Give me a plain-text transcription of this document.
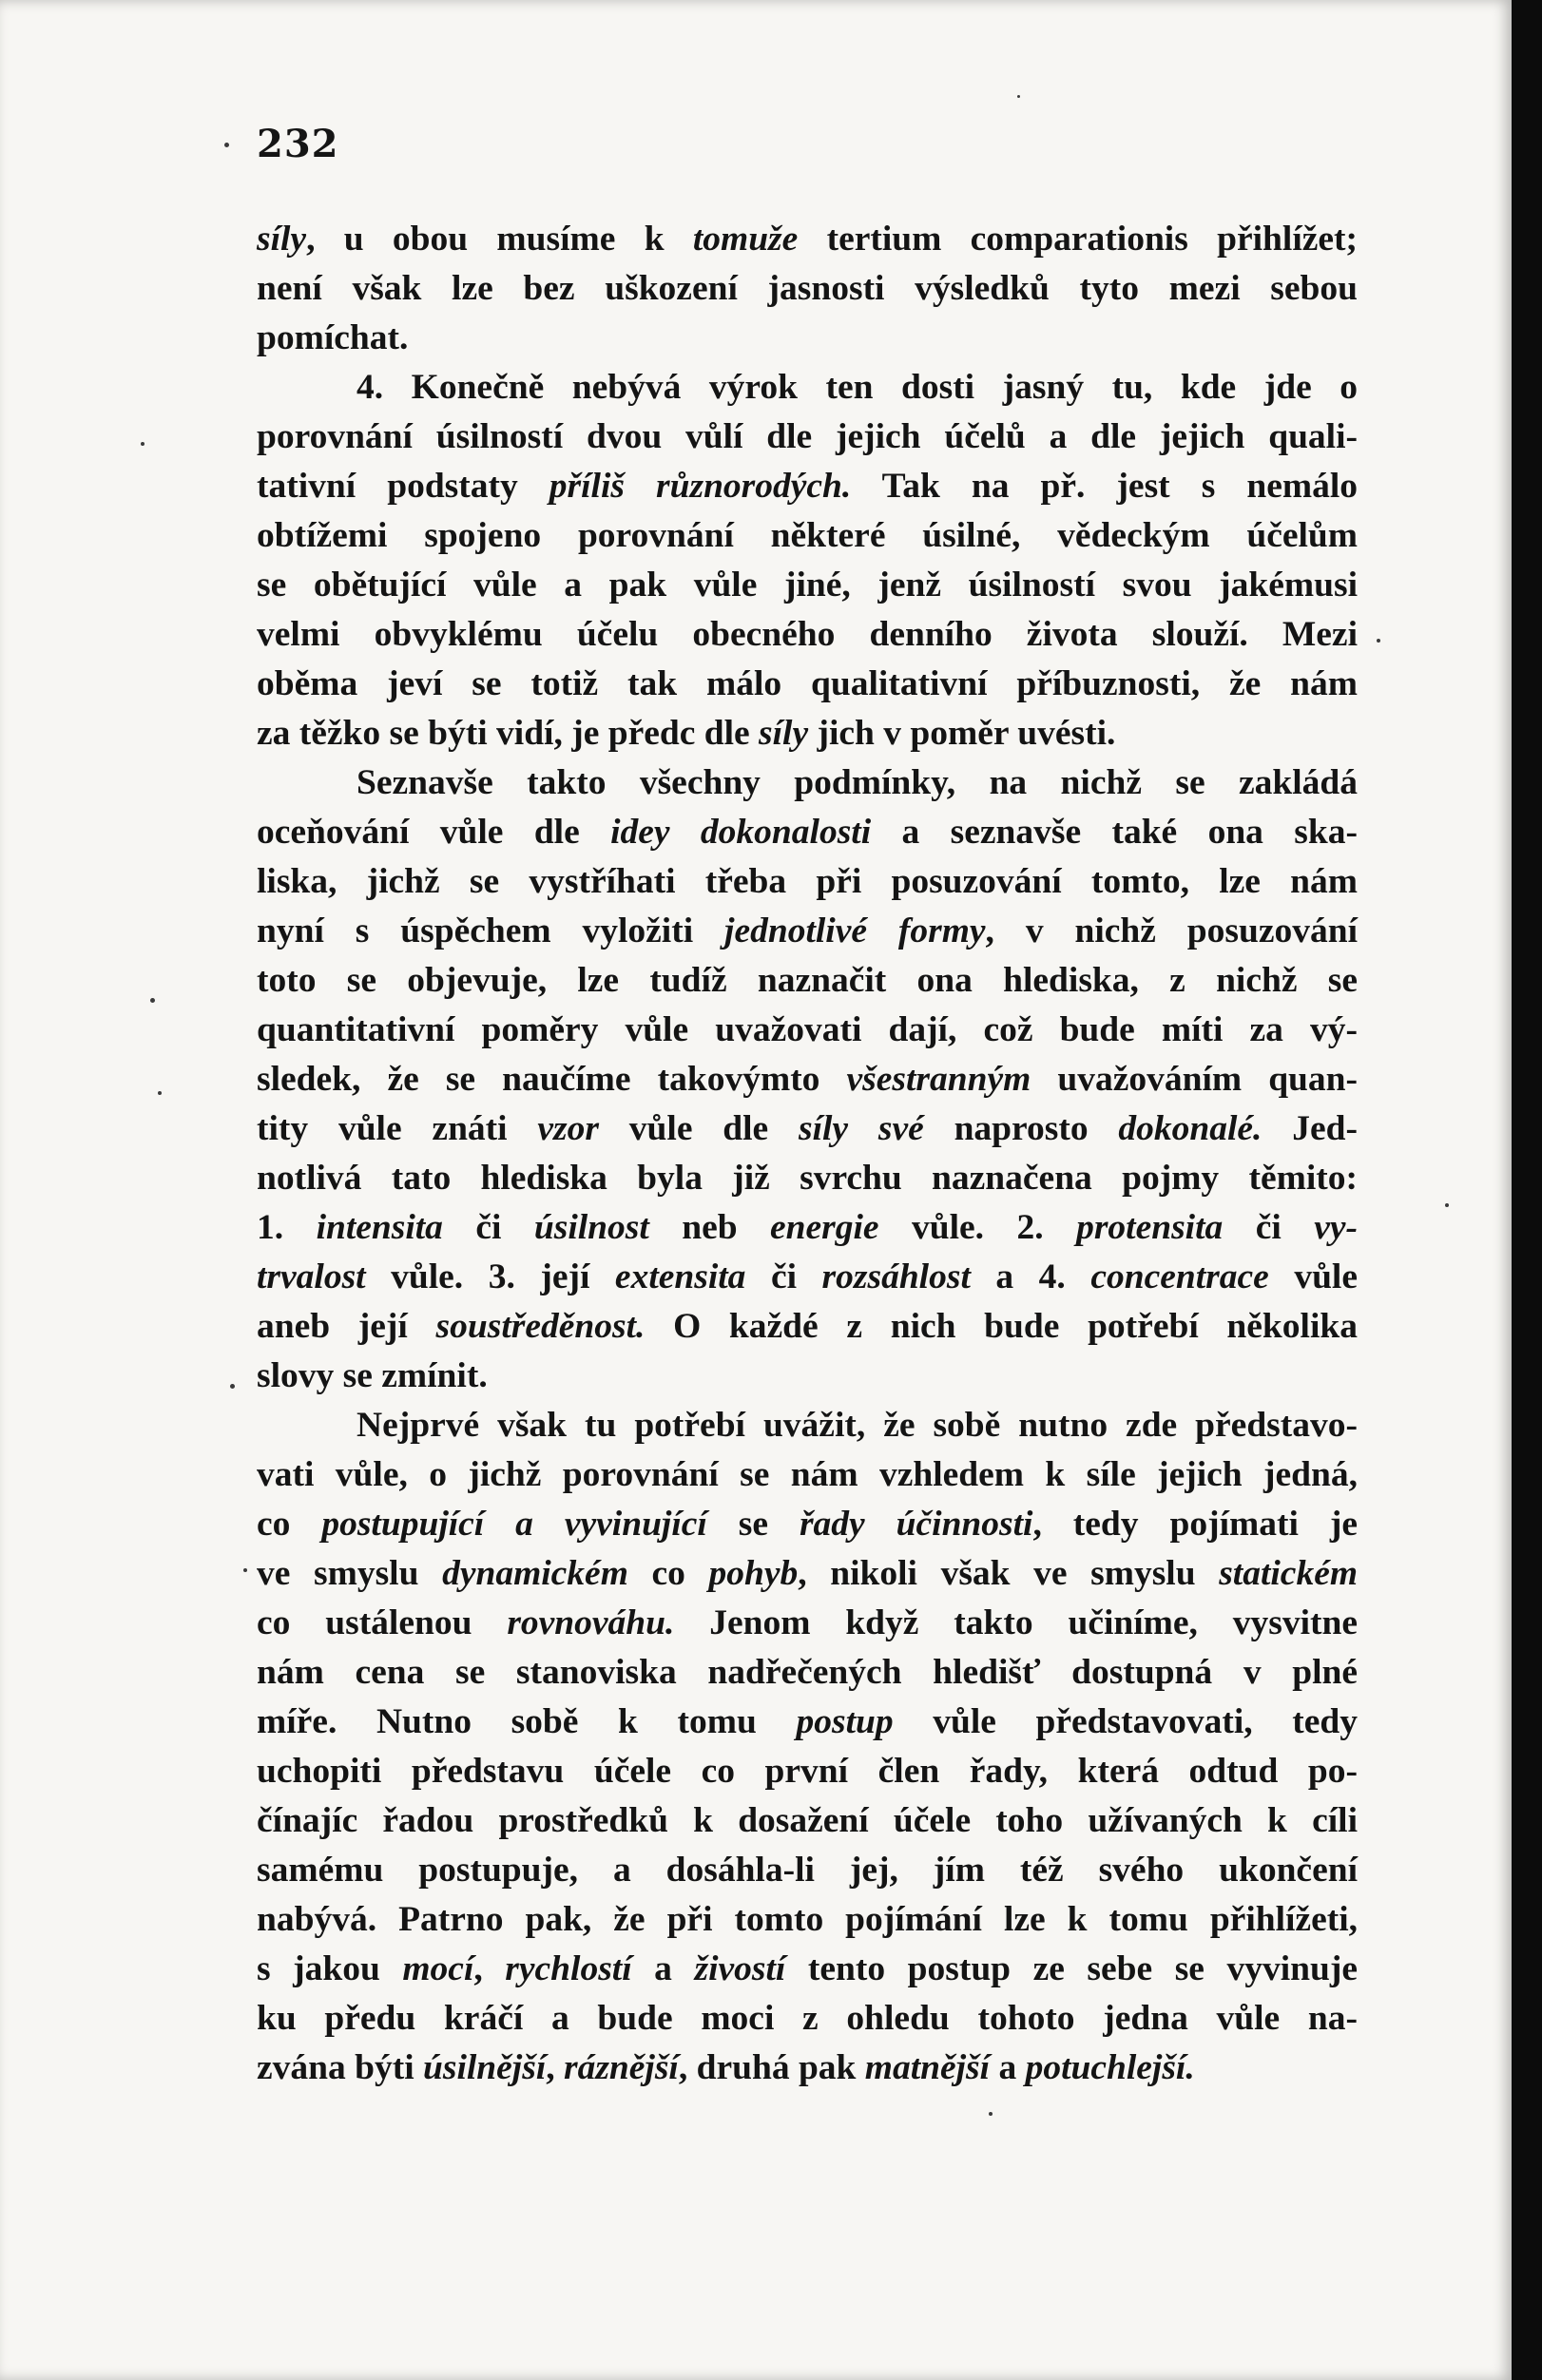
232
síly, u obou musíme k tomuže tertium comparationis přihlížet;
není však lze bez uškození jasnosti výsledků tyto mezi sebou
pomíchat.
4. Konečně nebývá výrok ten dosti jasný tu, kde jde o
porovnání úsilností dvou vůlí dle jejich účelů a dle jejich quali-
tativní podstaty příliš různorodých. Tak na př. jest s nemálo
obtížemi spojeno porovnání některé úsilné, vědeckým účelům
se obětující vůle a pak vůle jiné, jenž úsilností svou jakémusi
velmi obvyklému účelu obecného denního života slouží. Mezi
oběma jeví se totiž tak málo qualitativní příbuznosti, že nám
za těžko se býti vidí, je předc dle síly jich v poměr uvésti.
Seznavše takto všechny podmínky, na nichž se zakládá
oceňování vůle dle idey dokonalosti a seznavše také ona ska-
liska, jichž se vystříhati třeba při posuzování tomto, lze nám
nyní s úspěchem vyložiti jednotlivé formy, v nichž posuzování
toto se objevuje, lze tudíž naznačit ona hlediska, z nichž se
quantitativní poměry vůle uvažovati dají, což bude míti za vý-
sledek, že se naučíme takovýmto všestranným uvažováním quan-
tity vůle znáti vzor vůle dle síly své naprosto dokonalé. Jed-
notlivá tato hlediska byla již svrchu naznačena pojmy těmito:
1. intensita či úsilnost neb energie vůle. 2. protensita či vy-
trvalost vůle. 3. její extensita či rozsáhlost a 4. concentrace vůle
aneb její soustředěnost. O každé z nich bude potřebí několika
slovy se zmínit.
Nejprvé však tu potřebí uvážit, že sobě nutno zde představo-
vati vůle, o jichž porovnání se nám vzhledem k síle jejich jedná,
co postupující a vyvinující se řady účinnosti, tedy pojímati je
ve smyslu dynamickém co pohyb, nikoli však ve smyslu statickém
co ustálenou rovnováhu. Jenom když takto učiníme, vysvitne
nám cena se stanoviska nadřečených hledišť dostupná v plné
míře. Nutno sobě k tomu postup vůle představovati, tedy
uchopiti představu účele co první člen řady, která odtud po-
čínajíc řadou prostředků k dosažení účele toho užívaných k cíli
samému postupuje, a dosáhla-li jej, jím též svého ukončení
nabývá. Patrno pak, že při tomto pojímání lze k tomu přihlížeti,
s jakou mocí, rychlostí a živostí tento postup ze sebe se vyvinuje
ku předu kráčí a bude moci z ohledu tohoto jedna vůle na-
zvána býti úsilnější, ráznější, druhá pak matnější a potuchlejší.
